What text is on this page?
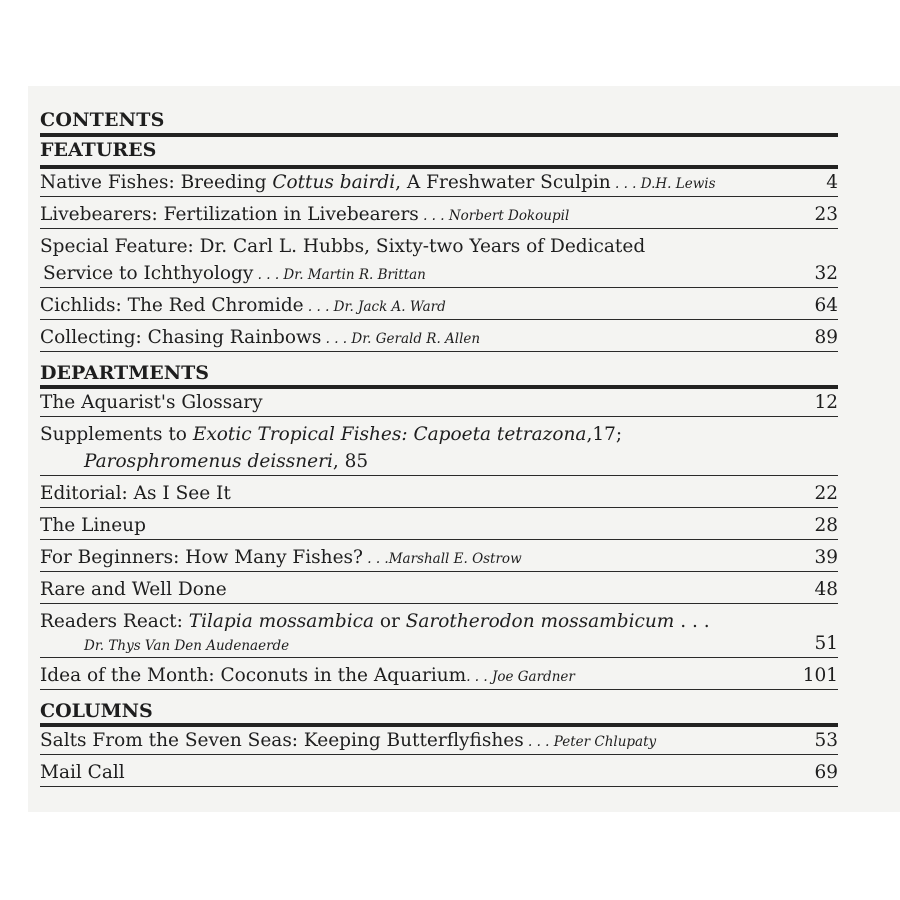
CONTENTS
FEATURES
Native Fishes: Breeding Cottus bairdi, A Freshwater Sculpin . . . D.H. Lewis	4
Livebearers: Fertilization in Livebearers . . . Norbert Dokoupil	23
Special Feature: Dr. Carl L. Hubbs, Sixty-two Years of Dedicated
Service to Ichthyology . . . Dr. Martin R. Brittan	32
Cichlids: The Red Chromide . . . Dr. Jack A. Ward	64
Collecting: Chasing Rainbows . . . Dr. Gerald R. Allen	89
DEPARTMENTS
The Aquarist's Glossary	12
Supplements to Exotic Tropical Fishes: Capoeta tetrazona,17;
Parosphromenus deissneri, 85
Editorial: As I See It	22
The Lineup	28
For Beginners: How Many Fishes? . . .Marshall E. Ostrow	39
Rare and Well Done	48
Readers React: Tilapia mossambica or Sarotherodon mossambicum . . .
Dr. Thys Van Den Audenaerde	51
Idea of the Month: Coconuts in the Aquarium. . . Joe Gardner	101
COLUMNS
Salts From the Seven Seas: Keeping Butterflyfishes . . . Peter Chlupaty	53
Mail Call	69
